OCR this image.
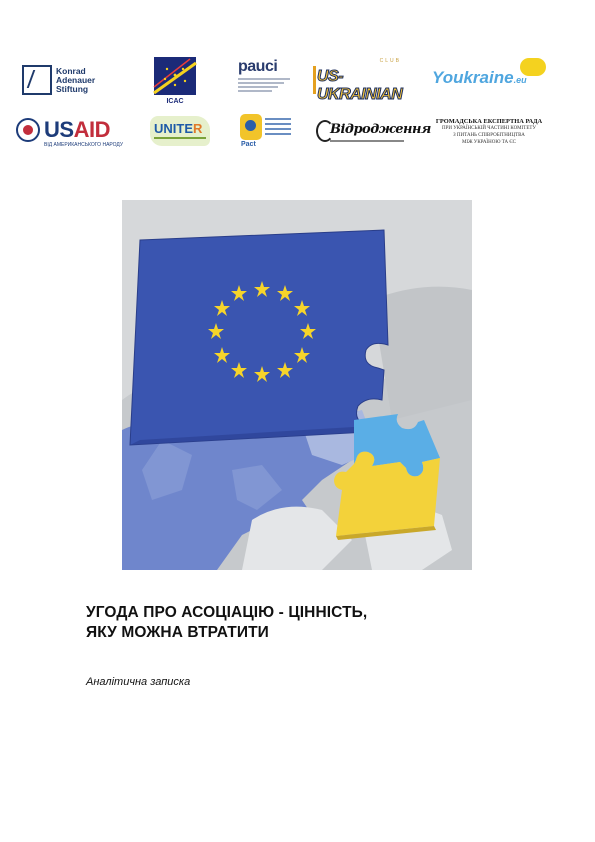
Konrad
Adenauer
Stiftung
ICAC
pauci	CLUB
US-UKRAINIAN
Youkraine.eu
USAID
ВІД АМЕРИКАНСЬКОГО НАРОДУ
UNITER
Pact
Відродження
ГРОМАДСЬКА ЕКСПЕРТНА РАДА
ПРИ УКРАЇНСЬКІЙ ЧАСТИНІ КОМІТЕТУ
З ПИТАНЬ СПІВРОБІТНИЦТВА
МІЖ УКРАЇНОЮ ТА ЄС
УГОДА ПРО АСОЦІАЦІЮ - ЦІННІСТЬ,
ЯКУ МОЖНА ВТРАТИТИ
Аналітична записка
